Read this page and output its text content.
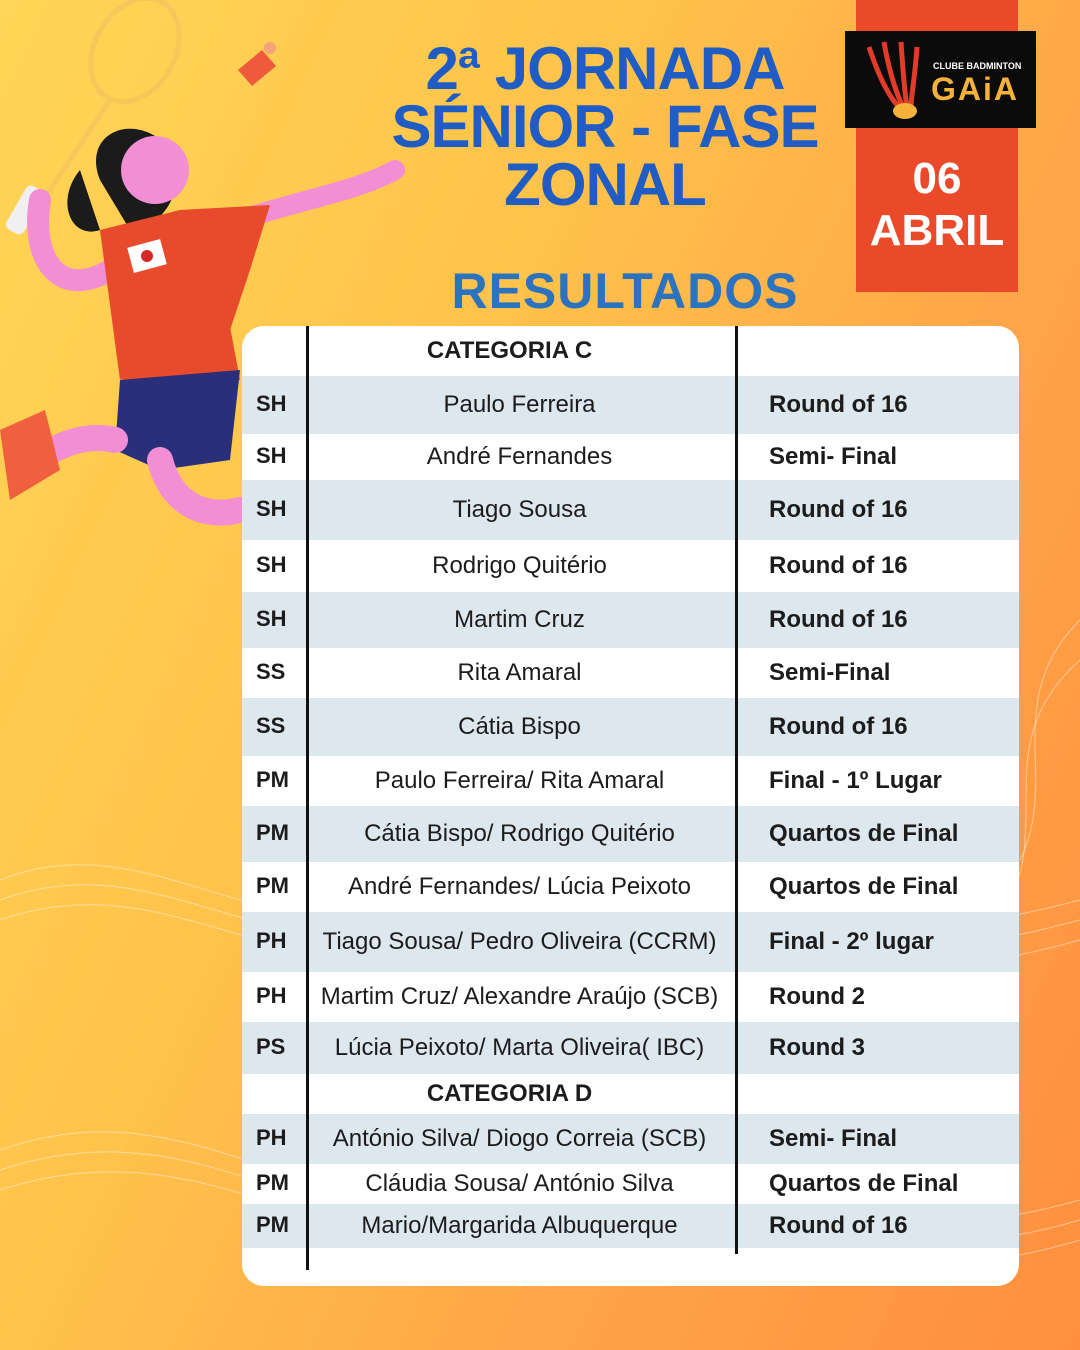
2ª JORNADA
SÉNIOR - FASE
ZONAL
CLUBE BADMINTON
GAiA
06
ABRIL
RESULTADOS
CATEGORIA C
SH	Paulo Ferreira	Round of 16
SH	André Fernandes	Semi- Final
SH	Tiago Sousa	Round of 16
SH	Rodrigo Quitério	Round of 16
SH	Martim Cruz	Round of 16
SS	Rita Amaral	Semi-Final
SS	Cátia Bispo	Round of 16
PM	Paulo Ferreira/ Rita Amaral	Final - 1º Lugar
PM	Cátia Bispo/ Rodrigo Quitério	Quartos de Final
PM	André Fernandes/ Lúcia Peixoto	Quartos de Final
PH	Tiago Sousa/ Pedro Oliveira (CCRM)	Final - 2º lugar
PH	Martim Cruz/ Alexandre Araújo (SCB)	Round 2
PS	Lúcia Peixoto/ Marta Oliveira( IBC)	Round 3
CATEGORIA D
PH	António Silva/ Diogo Correia (SCB)	Semi- Final
PM	Cláudia Sousa/ António Silva	Quartos de Final
PM	Mario/Margarida Albuquerque	Round of 16
